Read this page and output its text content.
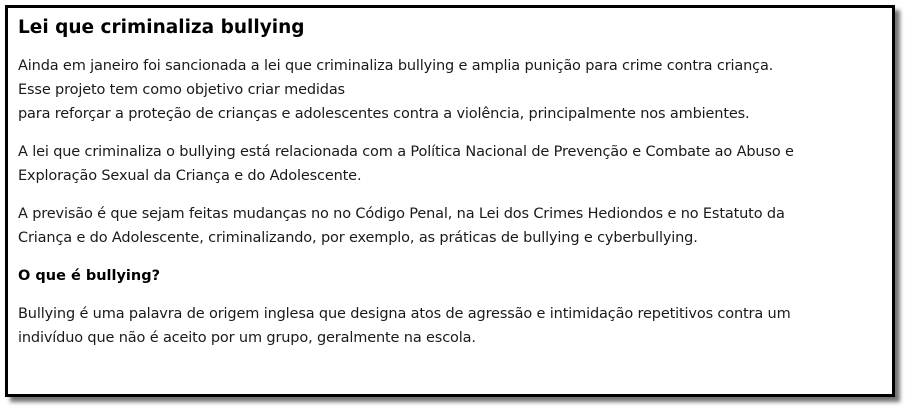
Lei que criminaliza bullying
Ainda em janeiro foi sancionada a lei que criminaliza bullying e amplia punição para crime contra criança.
Esse projeto tem como objetivo criar medidas
para reforçar a proteção de crianças e adolescentes contra a violência, principalmente nos ambientes.
A lei que criminaliza o bullying está relacionada com a Política Nacional de Prevenção e Combate ao Abuso e
Exploração Sexual da Criança e do Adolescente.
A previsão é que sejam feitas mudanças no no Código Penal, na Lei dos Crimes Hediondos e no Estatuto da
Criança e do Adolescente, criminalizando, por exemplo, as práticas de bullying e cyberbullying.
O que é bullying?
Bullying é uma palavra de origem inglesa que designa atos de agressão e intimidação repetitivos contra um
indivíduo que não é aceito por um grupo, geralmente na escola.
